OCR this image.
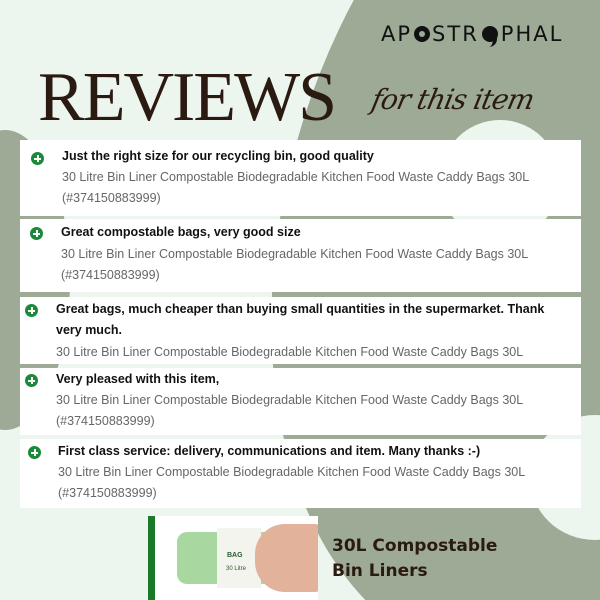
AP STR PHAL
REVIEWS for this item
Just the right size for our recycling bin, good quality
30 Litre Bin Liner Compostable Biodegradable Kitchen Food Waste Caddy Bags 30L
(#374150883999)
Great compostable bags, very good size
30 Litre Bin Liner Compostable Biodegradable Kitchen Food Waste Caddy Bags 30L
(#374150883999)
Great bags, much cheaper than buying small quantities in the supermarket. Thank
very much.
30 Litre Bin Liner Compostable Biodegradable Kitchen Food Waste Caddy Bags 30L
Very pleased with this item,
30 Litre Bin Liner Compostable Biodegradable Kitchen Food Waste Caddy Bags 30L
(#374150883999)
First class service: delivery, communications and item. Many thanks :-)
30 Litre Bin Liner Compostable Biodegradable Kitchen Food Waste Caddy Bags 30L
(#374150883999)
BAG
30 Litre
30L Compostable
Bin Liners
